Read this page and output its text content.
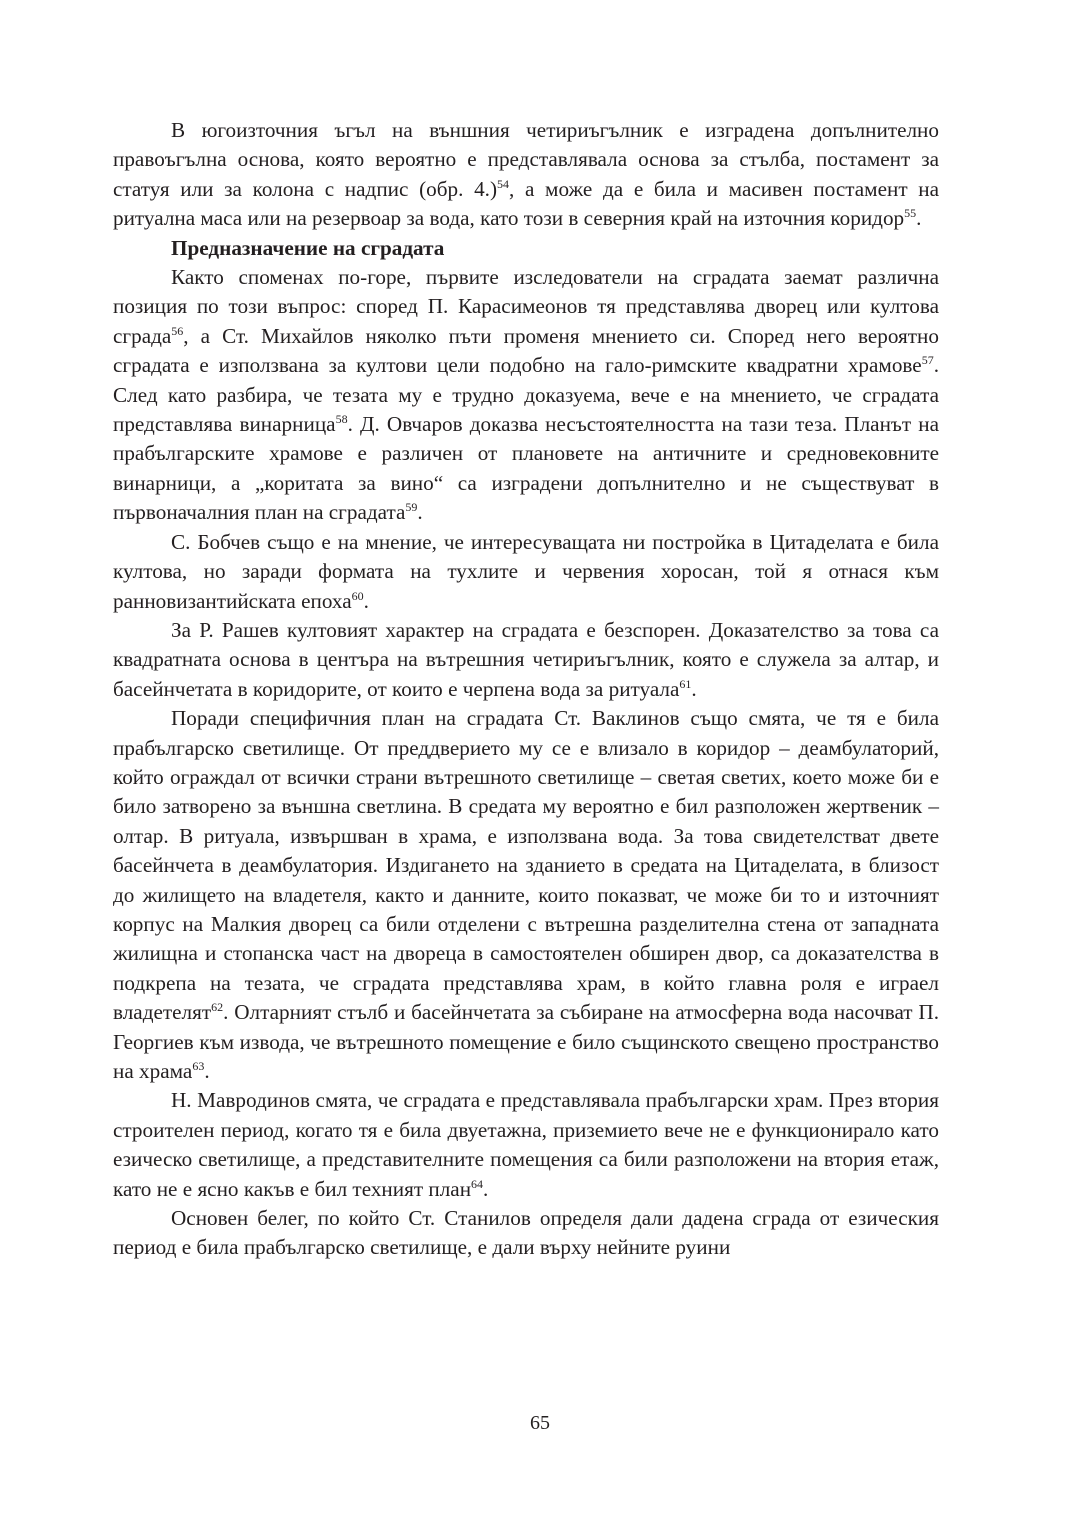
В югоизточния ъгъл на външния четириъгълник е изградена допълнително правоъгълна основа, която вероятно е представлявала основа за стълба, постамент за статуя или за колона с надпис (обр. 4.)$^{54}$, а може да е била и масивен постамент на ритуална маса или на резервоар за вода, като този в северния край на източния коридор$^{55}$.

Предназначение на сградата

Както споменах по-горе, първите изследователи на сградата заемат различна позиция по този въпрос: според П. Карасимеонов тя представлява дворец или култова сграда$^{56}$, а Ст. Михайлов няколко пъти променя мнението си. Според него вероятно сградата е използвана за култови цели подобно на гало-римските квадратни храмове$^{57}$. След като разбира, че тезата му е трудно доказуема, вече е на мнението, че сградата представлява винарница$^{58}$. Д. Овчаров доказва несъстоятелността на тази теза. Планът на прабългарските храмове е различен от плановете на античните и средновековните винарници, а „коритата за вино“ са изградени допълнително и не съществуват в първоначалния план на сградата$^{59}$.

С. Бобчев също е на мнение, че интересуващата ни постройка в Цитаделата е била култова, но заради формата на тухлите и червения хоросан, той я отнася към ранновизантийската епоха$^{60}$.

За Р. Рашев култовият характер на сградата е безспорен. Доказателство за това са квадратната основа в центъра на вътрешния четириъгълник, която е служела за алтар, и басейнчетата в коридорите, от които е черпена вода за ритуала$^{61}$.

Поради специфичния план на сградата Ст. Ваклинов също смята, че тя е била прабългарско светилище. От преддверието му се е влизало в коридор – деамбулаторий, който ограждал от всички страни вътрешното светилище – светая светих, което може би е било затворено за външна светлина. В средата му вероятно е бил разположен жертвеник – олтар. В ритуала, извършван в храма, е използвана вода. За това свидетелстват двете басейнчета в деамбулатория. Издигането на зданието в средата на Цитаделата, в близост до жилището на владетеля, както и данните, които показват, че може би то и източният корпус на Малкия дворец са били отделени с вътрешна разделителна стена от западната жилищна и стопанска част на двореца в самостоятелен обширен двор, са доказателства в подкрепа на тезата, че сградата представлява храм, в който главна роля е играел владетелят$^{62}$. Олтарният стълб и басейнчетата за събиране на атмосферна вода насочват П. Георгиев към извода, че вътрешното помещение е било същинското свещено пространство на храма$^{63}$.

Н. Мавродинов смята, че сградата е представлявала прабългарски храм. През втория строителен период, когато тя е била двуетажна, приземието вече не е функционирало като езическо светилище, а представителните помещения са били разположени на втория етаж, като не е ясно какъв е бил техният план$^{64}$.

Основен белег, по който Ст. Станилов определя дали дадена сграда от езическия период е била прабългарско светилище, е дали върху нейните руини

65
